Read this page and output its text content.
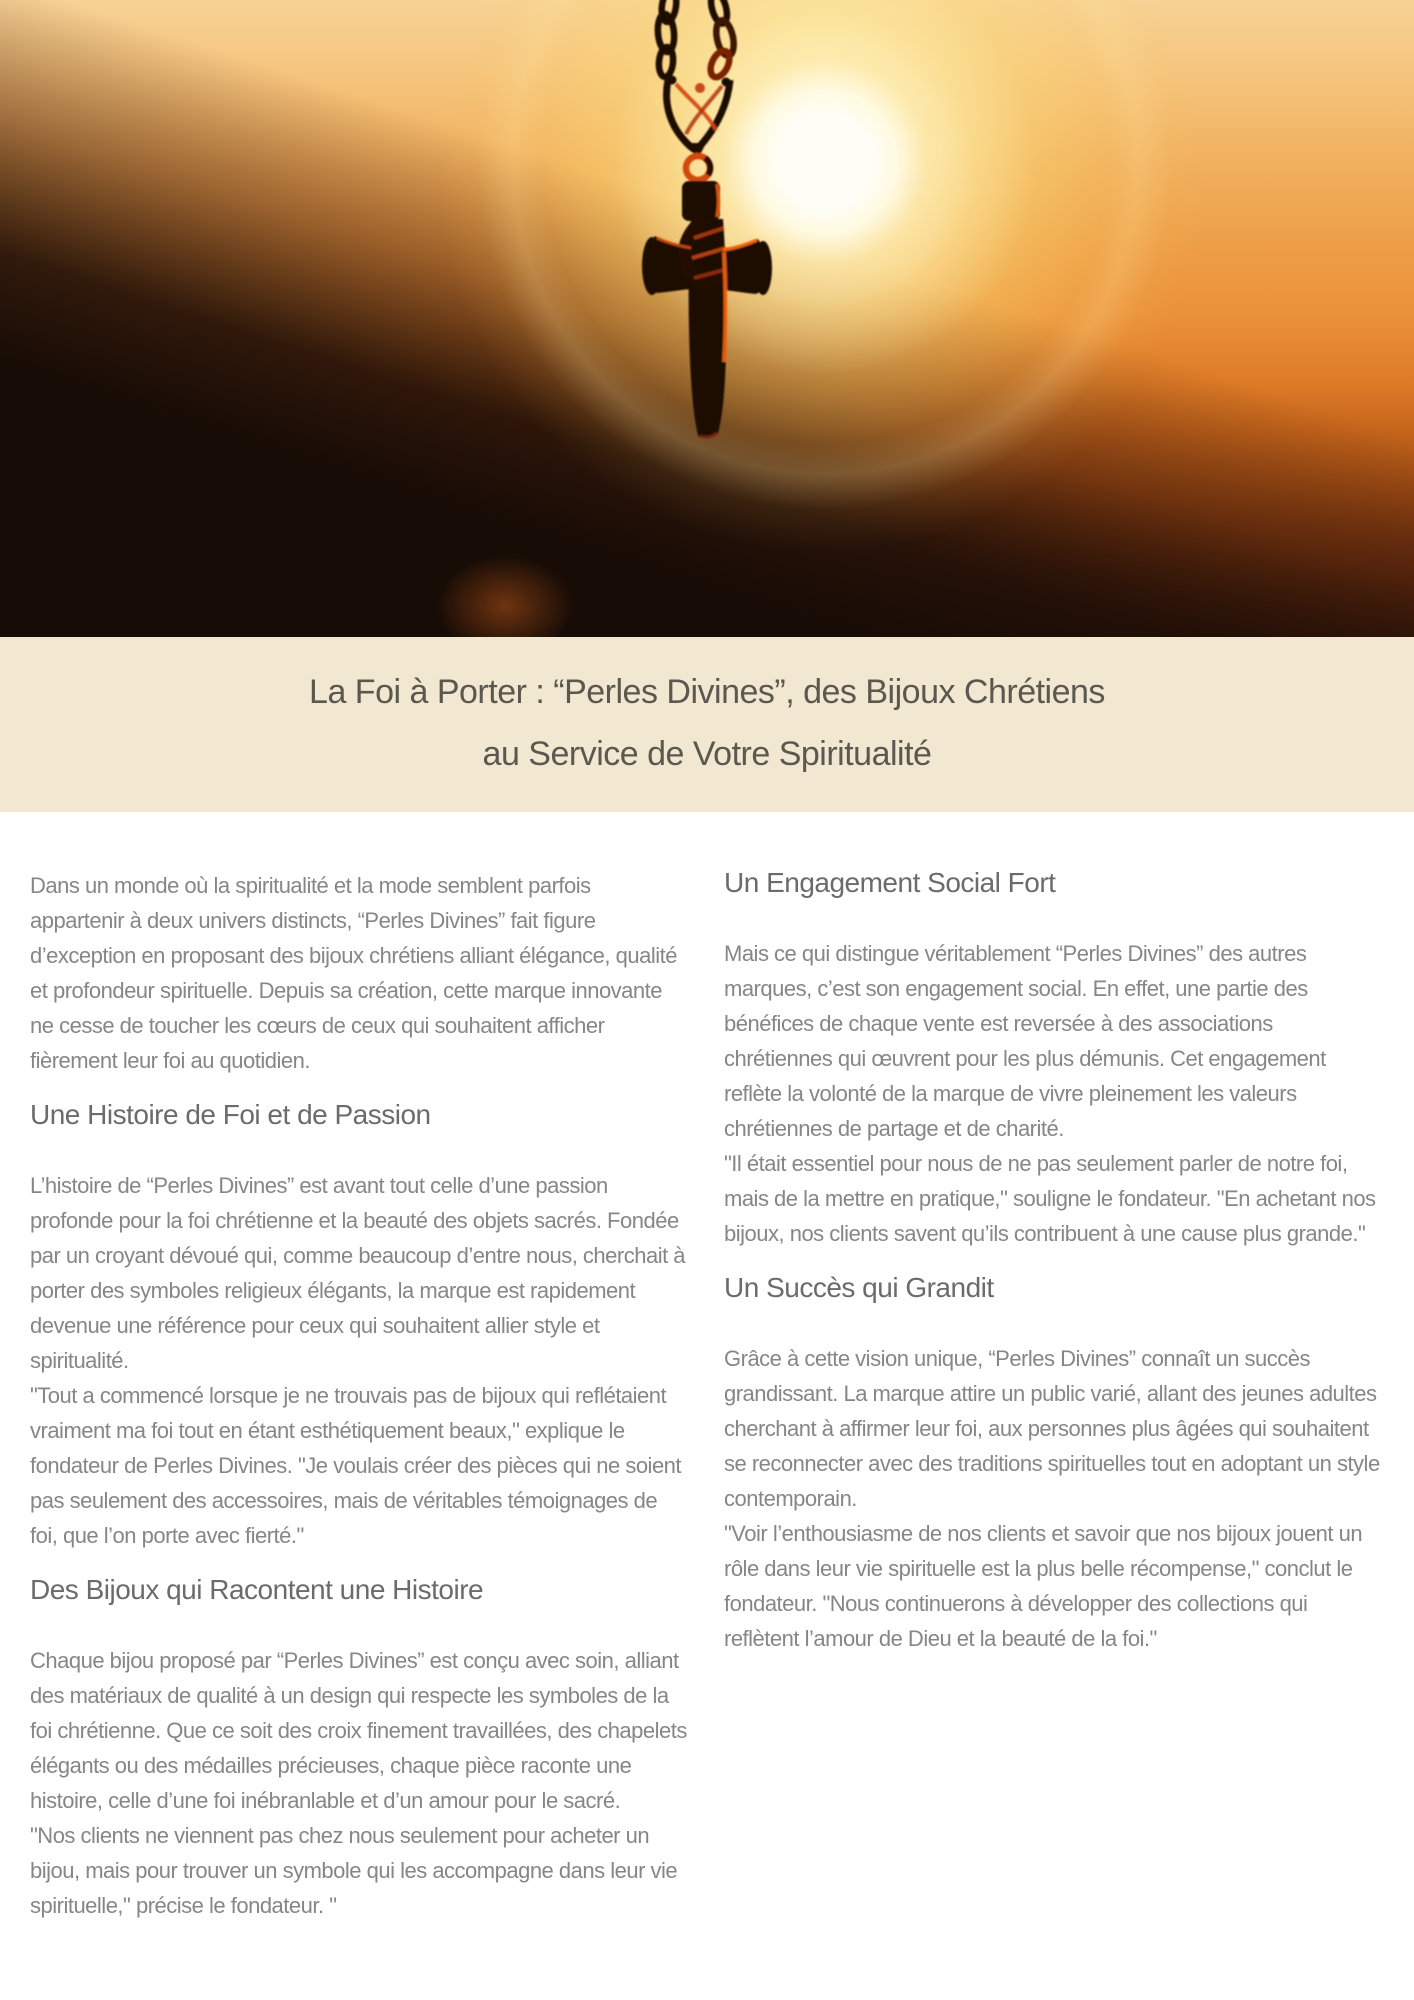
La Foi à Porter : “Perles Divines”, des Bijoux Chrétiens
au Service de Votre Spiritualité

Dans un monde où la spiritualité et la mode semblent parfois appartenir à deux univers distincts, “Perles Divines” fait figure d’exception en proposant des bijoux chrétiens alliant élégance, qualité et profondeur spirituelle. Depuis sa création, cette marque innovante ne cesse de toucher les cœurs de ceux qui souhaitent afficher fièrement leur foi au quotidien.

Une Histoire de Foi et de Passion

L’histoire de “Perles Divines” est avant tout celle d’une passion profonde pour la foi chrétienne et la beauté des objets sacrés. Fondée par un croyant dévoué qui, comme beaucoup d’entre nous, cherchait à porter des symboles religieux élégants, la marque est rapidement devenue une référence pour ceux qui souhaitent allier style et spiritualité.

"Tout a commencé lorsque je ne trouvais pas de bijoux qui reflétaient vraiment ma foi tout en étant esthétiquement beaux," explique le fondateur de Perles Divines. "Je voulais créer des pièces qui ne soient pas seulement des accessoires, mais de véritables témoignages de foi, que l’on porte avec fierté."

Des Bijoux qui Racontent une Histoire

Chaque bijou proposé par “Perles Divines” est conçu avec soin, alliant des matériaux de qualité à un design qui respecte les symboles de la foi chrétienne. Que ce soit des croix finement travaillées, des chapelets élégants ou des médailles précieuses, chaque pièce raconte une histoire, celle d’une foi inébranlable et d’un amour pour le sacré.

"Nos clients ne viennent pas chez nous seulement pour acheter un bijou, mais pour trouver un symbole qui les accompagne dans leur vie spirituelle," précise le fondateur. "

Un Engagement Social Fort

Mais ce qui distingue véritablement “Perles Divines” des autres marques, c’est son engagement social. En effet, une partie des bénéfices de chaque vente est reversée à des associations chrétiennes qui œuvrent pour les plus démunis. Cet engagement reflète la volonté de la marque de vivre pleinement les valeurs chrétiennes de partage et de charité.

"Il était essentiel pour nous de ne pas seulement parler de notre foi, mais de la mettre en pratique," souligne le fondateur. "En achetant nos bijoux, nos clients savent qu’ils contribuent à une cause plus grande."

Un Succès qui Grandit

Grâce à cette vision unique, “Perles Divines” connaît un succès grandissant. La marque attire un public varié, allant des jeunes adultes cherchant à affirmer leur foi, aux personnes plus âgées qui souhaitent se reconnecter avec des traditions spirituelles tout en adoptant un style contemporain.

"Voir l’enthousiasme de nos clients et savoir que nos bijoux jouent un rôle dans leur vie spirituelle est la plus belle récompense," conclut le fondateur. "Nous continuerons à développer des collections qui reflètent l’amour de Dieu et la beauté de la foi."
